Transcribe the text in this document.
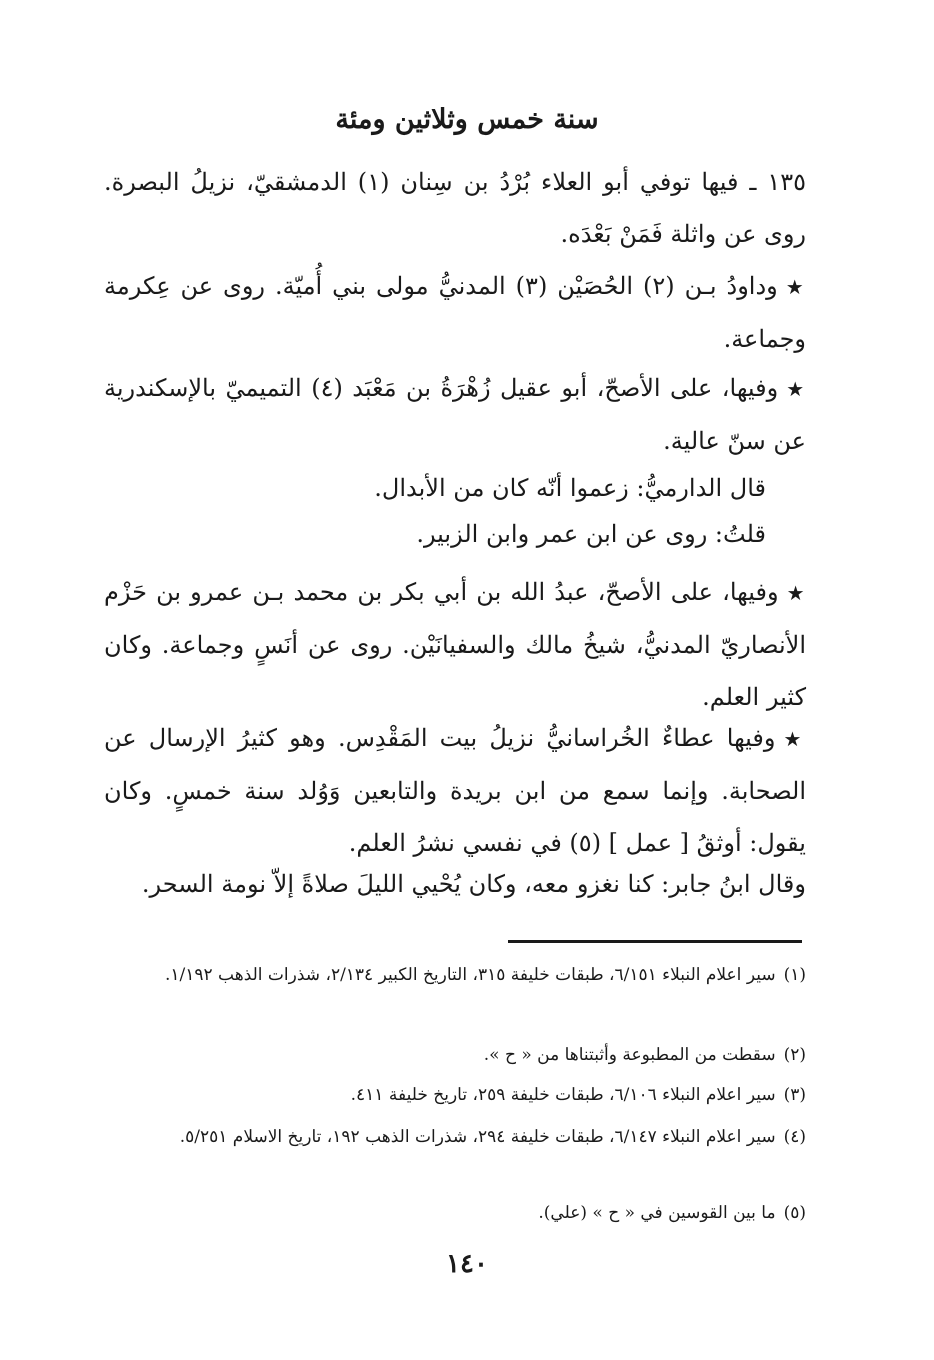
سنة خمس وثلاثين ومئة
١٣٥ ـ فيها توفي أبو العلاء بُرْدُ بن سِنان (١) الدمشقيّ، نزيلُ البصرة. روى عن واثلة فَمَنْ بَعْدَه.
★وداودُ بـن (٢) الحُصَيْن (٣) المدنيُّ مولى بني أُميّة. روى عن عِكرمة وجماعة.
★وفيها، على الأصحّ، أبو عقيل زُهْرَةُ بن مَعْبَد (٤) التميميّ بالإسكندرية عن سنّ عالية.
قال الدارميُّ: زعموا أنّه كان من الأبدال.
قلتُ: روى عن ابن عمر وابن الزبير.
★وفيها، على الأصحّ، عبدُ الله بن أبي بكر بن محمد بـن عمرو بن حَزْم الأنصاريّ المدنيُّ، شيخُ مالك والسفيانَيْن. روى عن أنَسٍ وجماعة. وكان كثير العلم.
★وفيها عطاءٌ الخُراسانيُّ نزيلُ بيت المَقْدِس. وهو كثيرُ الإرسال عن الصحابة. وإنما سمع من ابن بريدة والتابعين وَوُلد سنة خمسٍ. وكان يقول: أوثقُ [ عمل ] (٥) في نفسي نشرُ العلم.
وقال ابنُ جابر: كنا نغزو معه، وكان يُحْيي الليلَ صلاةً إلاّ نومة السحر.
(١)سير اعلام النبلاء ٦/١٥١، طبقات خليفة ٣١٥، التاريخ الكبير ٢/١٣٤، شذرات الذهب ١/١٩٢.
(٢)سقطت من المطبوعة وأثبتناها من « ح ».
(٣)سير اعلام النبلاء ٦/١٠٦، طبقات خليفة ٢٥٩، تاريخ خليفة ٤١١.
(٤)سير اعلام النبلاء ٦/١٤٧، طبقات خليفة ٢٩٤، شذرات الذهب ١٩٢، تاريخ الاسلام ٥/٢٥١.
(٥)ما بين القوسين في « ح » (علي).
١٤٠
